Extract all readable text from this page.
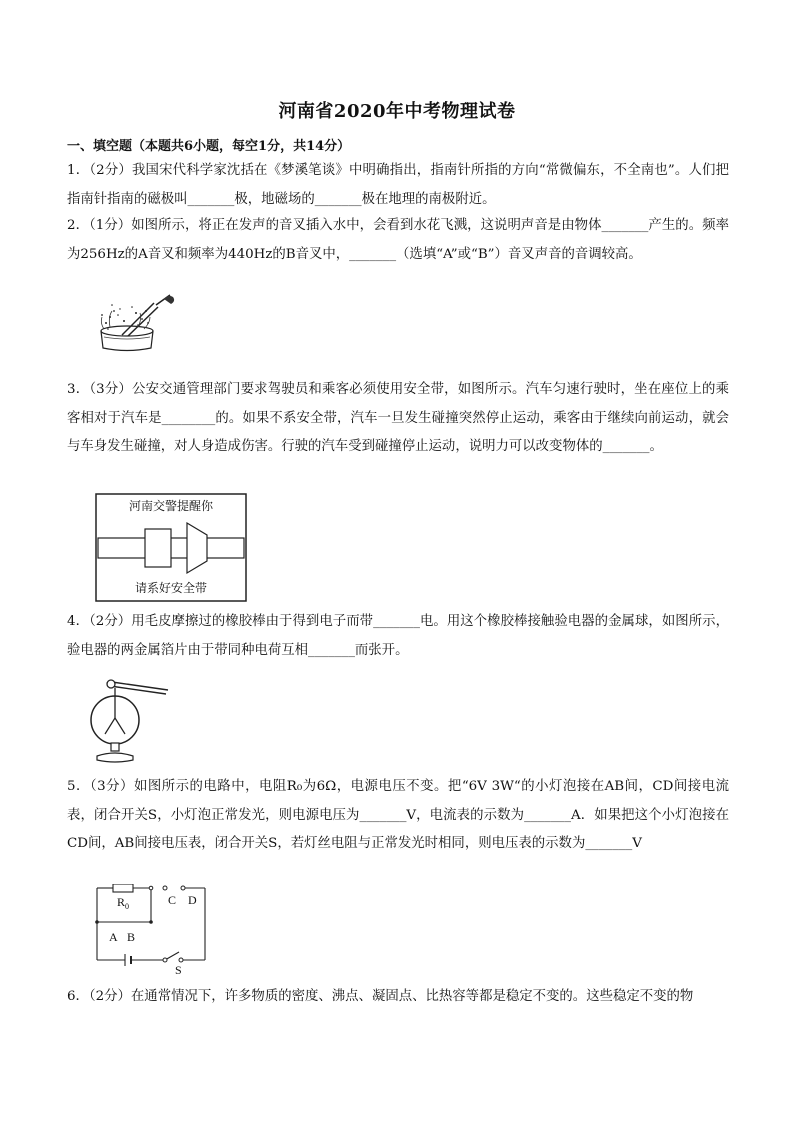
河南省2020年中考物理试卷
一、填空题（本题共6小题，每空1分，共14分）
1．（2分）我国宋代科学家沈括在《梦溪笔谈》中明确指出，指南针所指的方向“常微偏东，不全南也”。人们把指南针指南的磁极叫_______极，地磁场的_______极在地理的南极附近。
2．（1分）如图所示，将正在发声的音叉插入水中，会看到水花飞溅，这说明声音是由物体_______产生的。频率为256Hz的A音叉和频率为440Hz的B音叉中，_______（选填“A”或“B”）音叉声音的音调较高。
3．（3分）公安交通管理部门要求驾驶员和乘客必须使用安全带，如图所示。汽车匀速行驶时，坐在座位上的乘客相对于汽车是________的。如果不系安全带，汽车一旦发生碰撞突然停止运动，乘客由于继续向前运动，就会与车身发生碰撞，对人身造成伤害。行驶的汽车受到碰撞停止运动，说明力可以改变物体的_______。
河南交警提醒你
请系好安全带
4．（2分）用毛皮摩擦过的橡胶棒由于得到电子而带_______电。用这个橡胶棒接触验电器的金属球，如图所示，验电器的两金属箔片由于带同种电荷互相_______而张开。
5．（3分）如图所示的电路中，电阻R₀为6Ω，电源电压不变。把“6V 3W“的小灯泡接在AB间，CD间接电流表，闭合开关S，小灯泡正常发光，则电源电压为_______V，电流表的示数为_______A．如果把这个小灯泡接在CD间，AB间接电压表，闭合开关S，若灯丝电阻与正常发光时相同，则电压表的示数为_______V
$R_0$	C D
A B
S
6．（2分）在通常情况下，许多物质的密度、沸点、凝固点、比热容等都是稳定不变的。这些稳定不变的物
